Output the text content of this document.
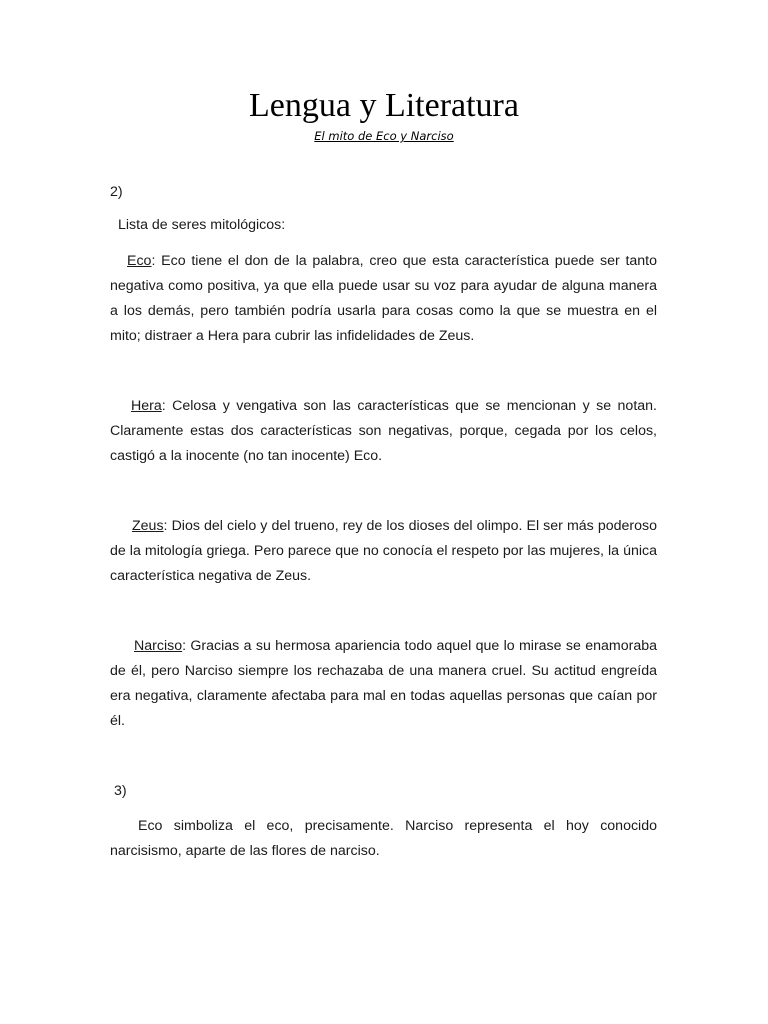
Lengua y Literatura
El mito de Eco y Narciso

2)

Lista de seres mitológicos:

Eco: Eco tiene el don de la palabra, creo que esta característica puede ser tanto negativa como positiva, ya que ella puede usar su voz para ayudar de alguna manera a los demás, pero también podría usarla para cosas como la que se muestra en el mito; distraer a Hera para cubrir las infidelidades de Zeus.

Hera: Celosa y vengativa son las características que se mencionan y se notan. Claramente estas dos características son negativas, porque, cegada por los celos, castigó a la inocente (no tan inocente) Eco.

Zeus: Dios del cielo y del trueno, rey de los dioses del olimpo. El ser más poderoso de la mitología griega. Pero parece que no conocía el respeto por las mujeres, la única característica negativa de Zeus.

Narciso: Gracias a su hermosa apariencia todo aquel que lo mirase se enamoraba de él, pero Narciso siempre los rechazaba de una manera cruel. Su actitud engreída era negativa, claramente afectaba para mal en todas aquellas personas que caían por él.

3)

Eco simboliza el eco, precisamente. Narciso representa el hoy conocido narcisismo, aparte de las flores de narciso.
